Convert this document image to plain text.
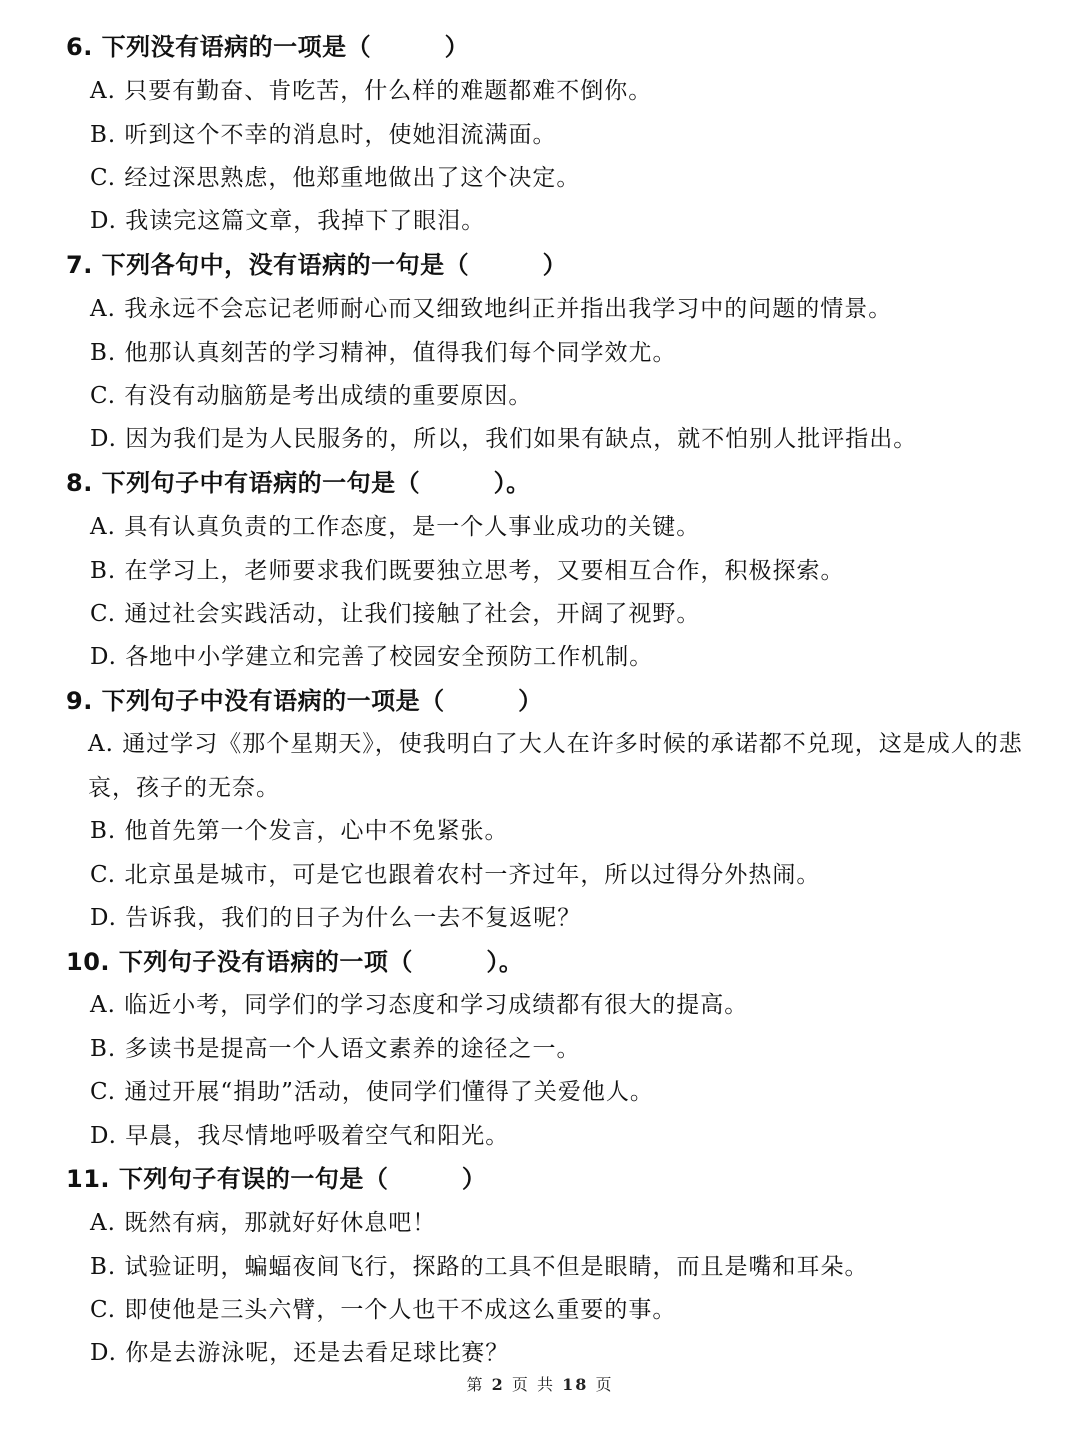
6. 下列没有语病的一项是（　　　）
A. 只要有勤奋、肯吃苦，什么样的难题都难不倒你。
B. 听到这个不幸的消息时，使她泪流满面。
C. 经过深思熟虑，他郑重地做出了这个决定。
D. 我读完这篇文章，我掉下了眼泪。
7. 下列各句中，没有语病的一句是（　　　）
A. 我永远不会忘记老师耐心而又细致地纠正并指出我学习中的问题的情景。
B. 他那认真刻苦的学习精神，值得我们每个同学效尤。
C. 有没有动脑筋是考出成绩的重要原因。
D. 因为我们是为人民服务的，所以，我们如果有缺点，就不怕别人批评指出。
8. 下列句子中有语病的一句是（　　　）。
A. 具有认真负责的工作态度，是一个人事业成功的关键。
B. 在学习上，老师要求我们既要独立思考，又要相互合作，积极探索。
C. 通过社会实践活动，让我们接触了社会，开阔了视野。
D. 各地中小学建立和完善了校园安全预防工作机制。
9. 下列句子中没有语病的一项是（　　　）
A. 通过学习《那个星期天》，使我明白了大人在许多时候的承诺都不兑现，这是成人的悲哀，孩子的无奈。
B. 他首先第一个发言，心中不免紧张。
C. 北京虽是城市，可是它也跟着农村一齐过年，所以过得分外热闹。
D. 告诉我，我们的日子为什么一去不复返呢？
10. 下列句子没有语病的一项（　　　）。
A. 临近小考，同学们的学习态度和学习成绩都有很大的提高。
B. 多读书是提高一个人语文素养的途径之一。
C. 通过开展“捐助”活动，使同学们懂得了关爱他人。
D. 早晨，我尽情地呼吸着空气和阳光。
11. 下列句子有误的一句是（　　　）
A. 既然有病，那就好好休息吧！
B. 试验证明，蝙蝠夜间飞行，探路的工具不但是眼睛，而且是嘴和耳朵。
C. 即使他是三头六臂，一个人也干不成这么重要的事。
D. 你是去游泳呢，还是去看足球比赛？
第 2 页 共 18 页
